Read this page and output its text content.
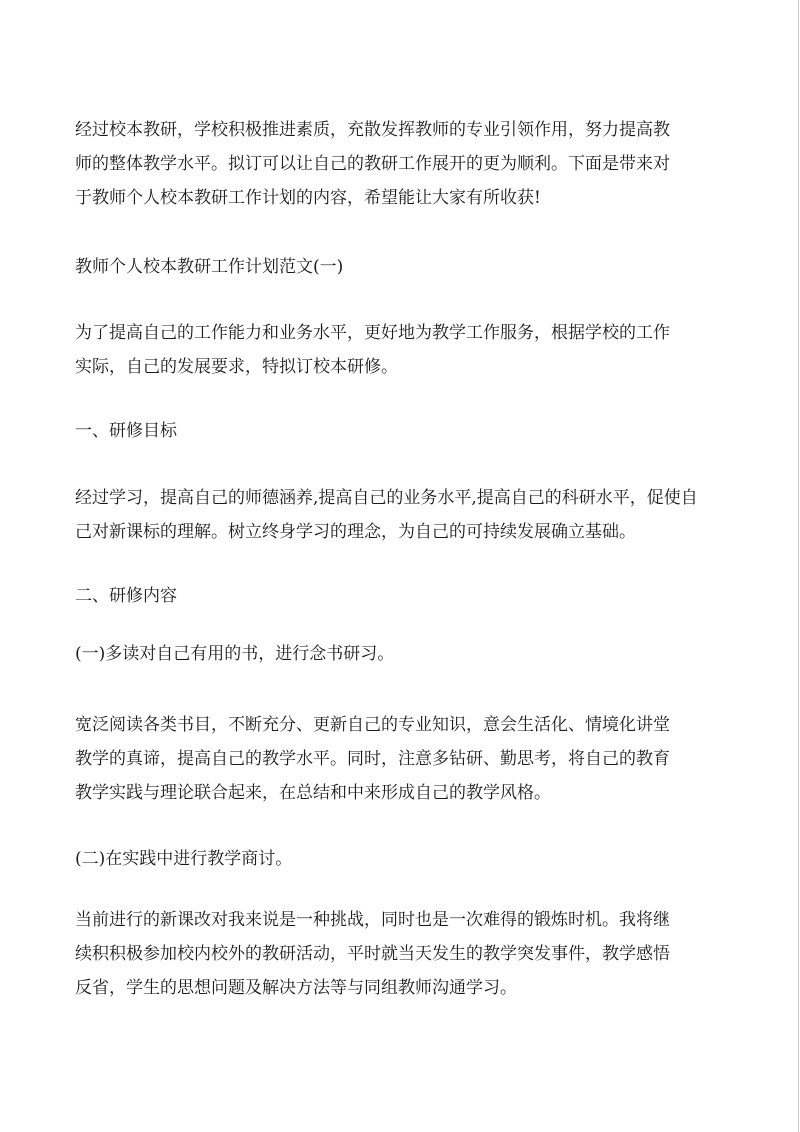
经过校本教研，学校积极推进素质，充散发挥教师的专业引领作用，努力提高教
师的整体教学水平。拟订可以让自己的教研工作展开的更为顺利。下面是带来对
于教师个人校本教研工作计划的内容，希望能让大家有所收获!
教师个人校本教研工作计划范文(一)
为了提高自己的工作能力和业务水平，更好地为教学工作服务，根据学校的工作
实际，自己的发展要求，特拟订校本研修。
一、研修目标
经过学习，提高自己的师德涵养,提高自己的业务水平,提高自己的科研水平，促使自
己对新课标的理解。树立终身学习的理念，为自己的可持续发展确立基础。
二、研修内容
(一)多读对自己有用的书，进行念书研习。
宽泛阅读各类书目，不断充分、更新自己的专业知识，意会生活化、情境化讲堂
教学的真谛，提高自己的教学水平。同时，注意多钻研、勤思考，将自己的教育
教学实践与理论联合起来，在总结和中来形成自己的教学风格。
(二)在实践中进行教学商讨。
当前进行的新课改对我来说是一种挑战，同时也是一次难得的锻炼时机。我将继
续积积极参加校内校外的教研活动，平时就当天发生的教学突发事件，教学感悟
反省，学生的思想问题及解决方法等与同组教师沟通学习。
